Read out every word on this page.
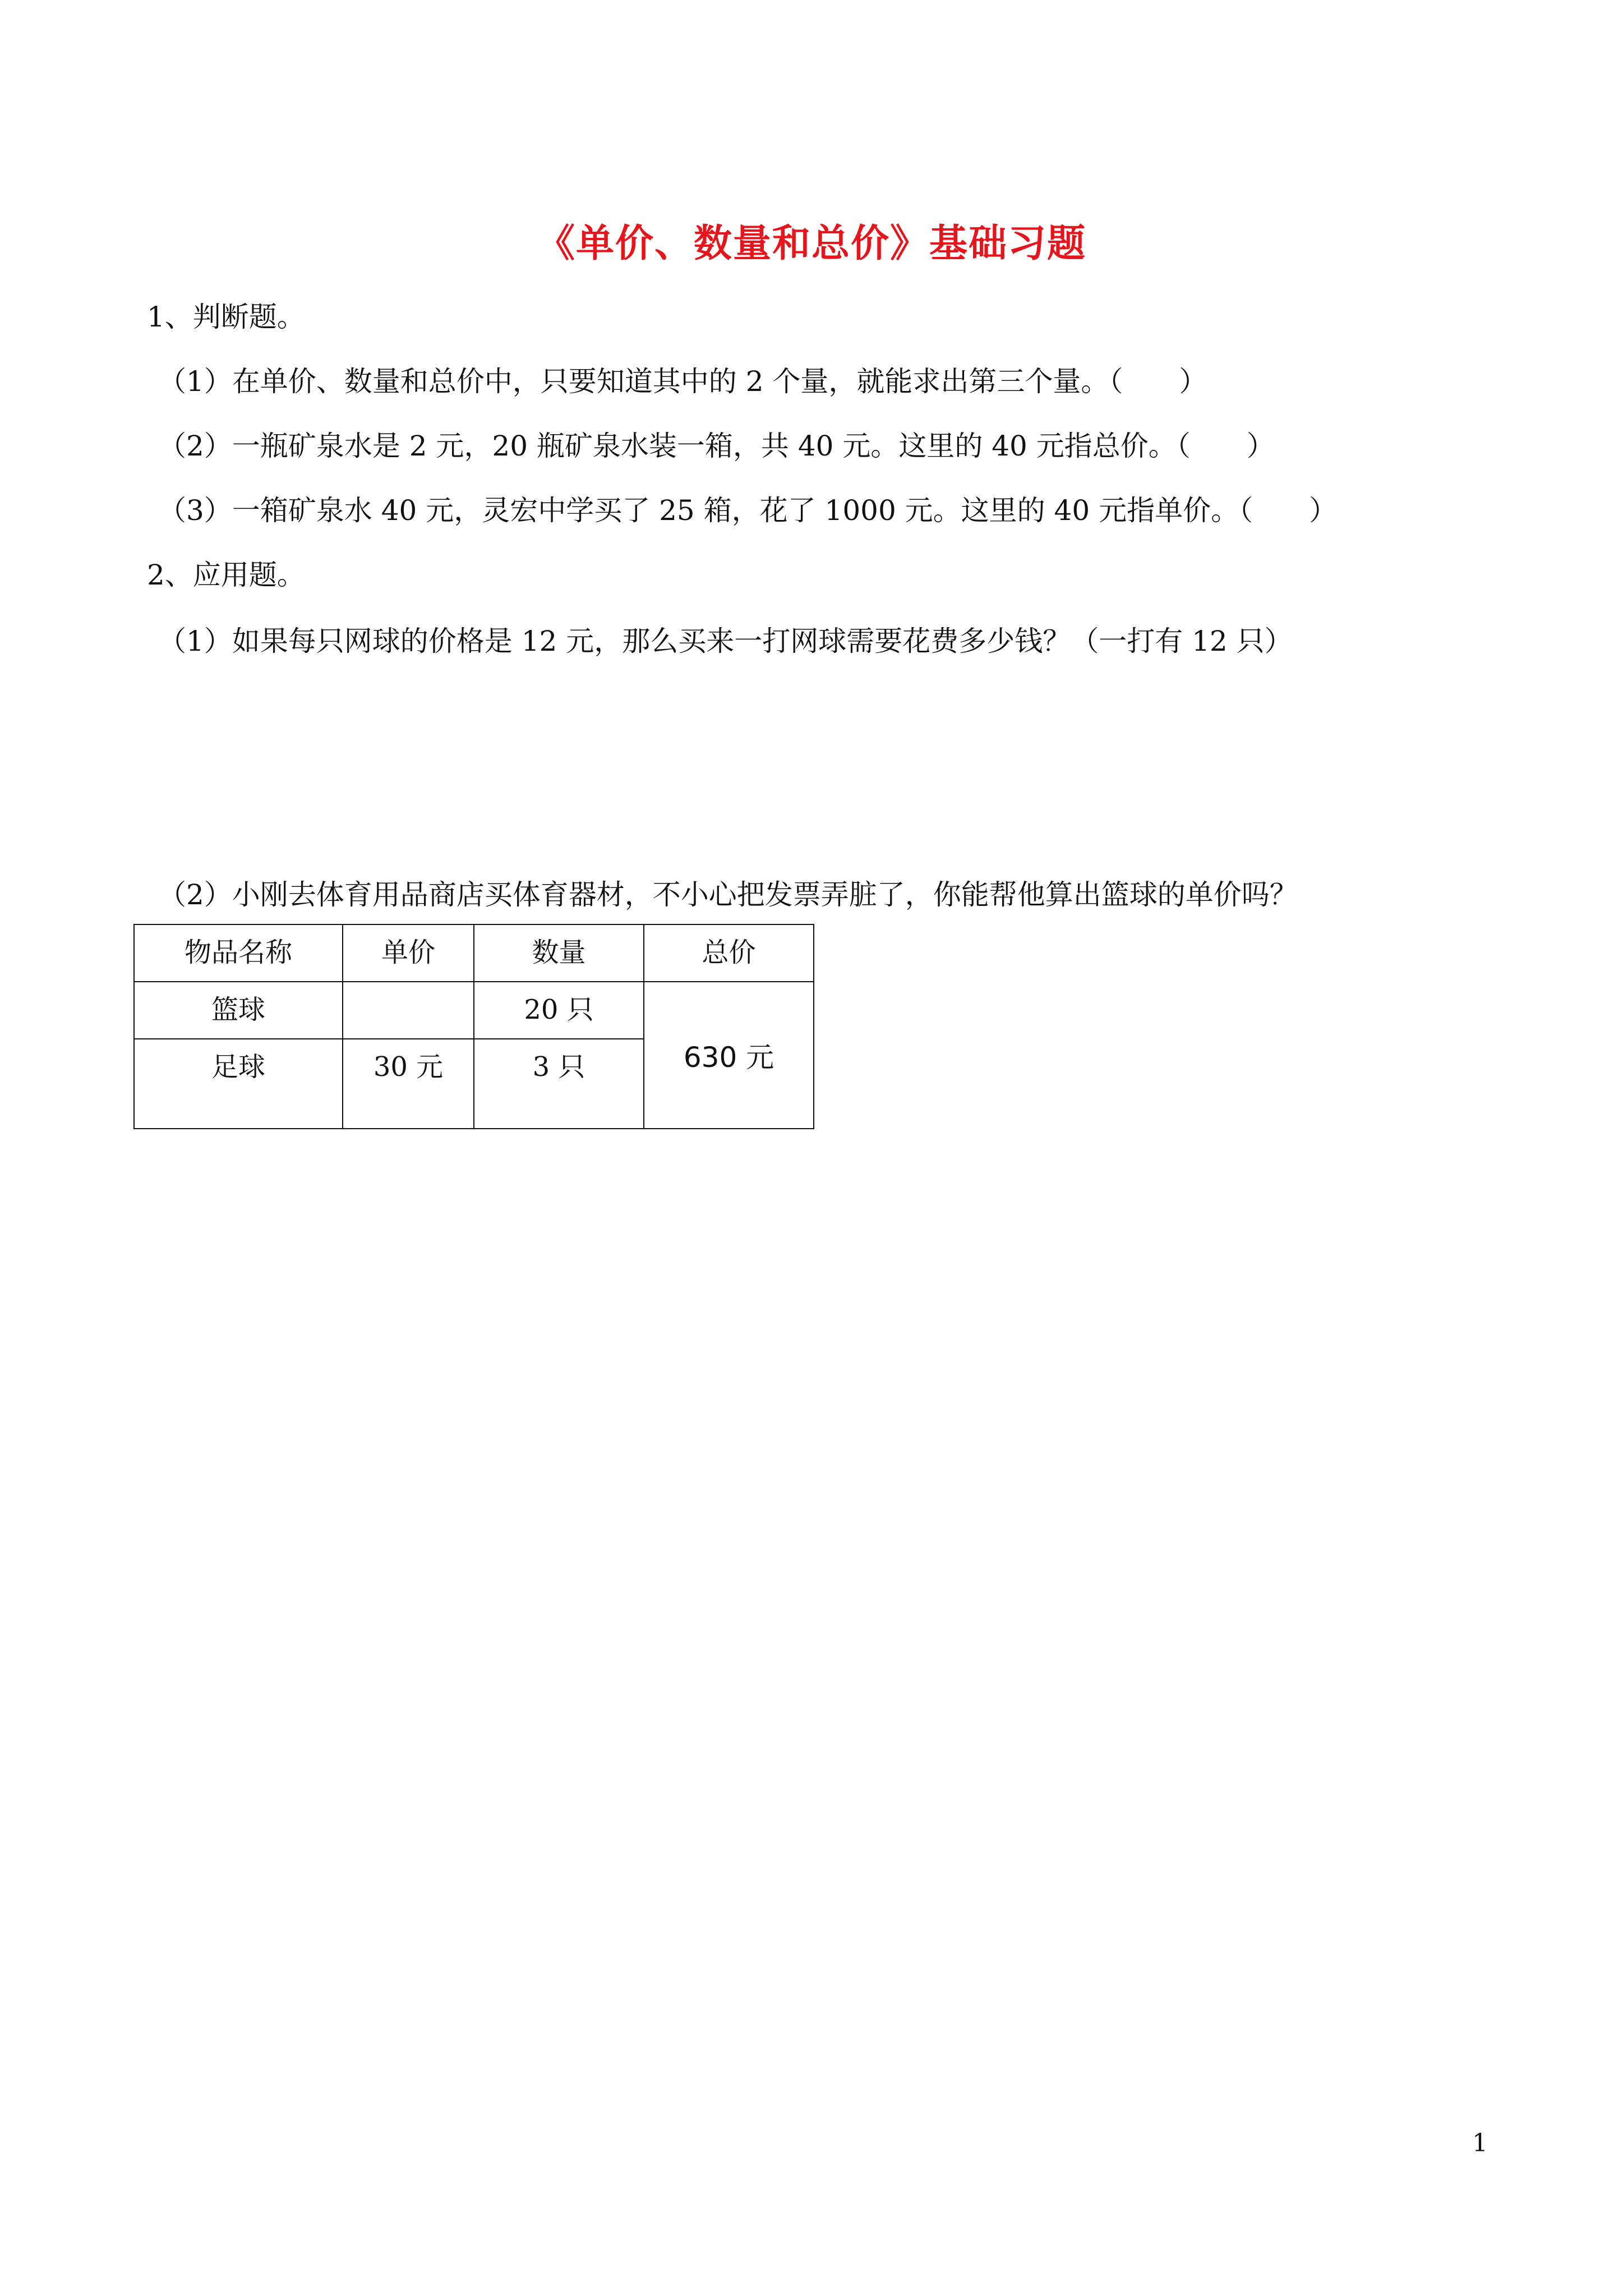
《单价、数量和总价》基础习题
1、判断题。
（1）在单价、数量和总价中，只要知道其中的 2 个量，就能求出第三个量。（　　）
（2）一瓶矿泉水是 2 元，20 瓶矿泉水装一箱，共 40 元。这里的 40 元指总价。（　　）
（3）一箱矿泉水 40 元，灵宏中学买了 25 箱，花了 1000 元。这里的 40 元指单价。（　　）
2、应用题。
（1）如果每只网球的价格是 12 元，那么买来一打网球需要花费多少钱？（一打有 12 只）
（2）小刚去体育用品商店买体育器材，不小心把发票弄脏了，你能帮他算出篮球的单价吗？
物品名称	单价	数量	总价
篮球		20 只	630 元
足球	30 元	3 只	
1
